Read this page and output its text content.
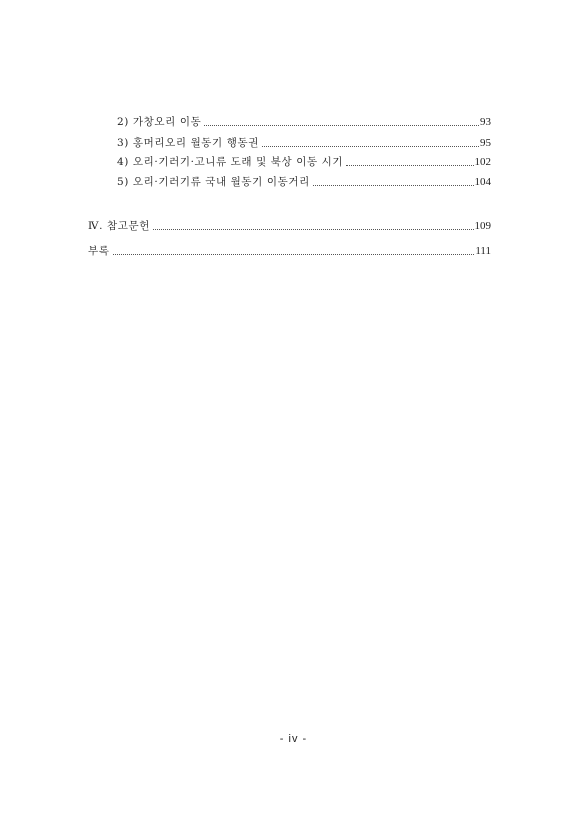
2) 가창오리 이동	93
3) 홍머리오리 월동기 행동권	95
4) 오리·기러기·고니류 도래 및 북상 이동 시기	102
5) 오리·기러기류 국내 월동기 이동거리	104
Ⅳ. 참고문헌	109
부록	111
- iv -
